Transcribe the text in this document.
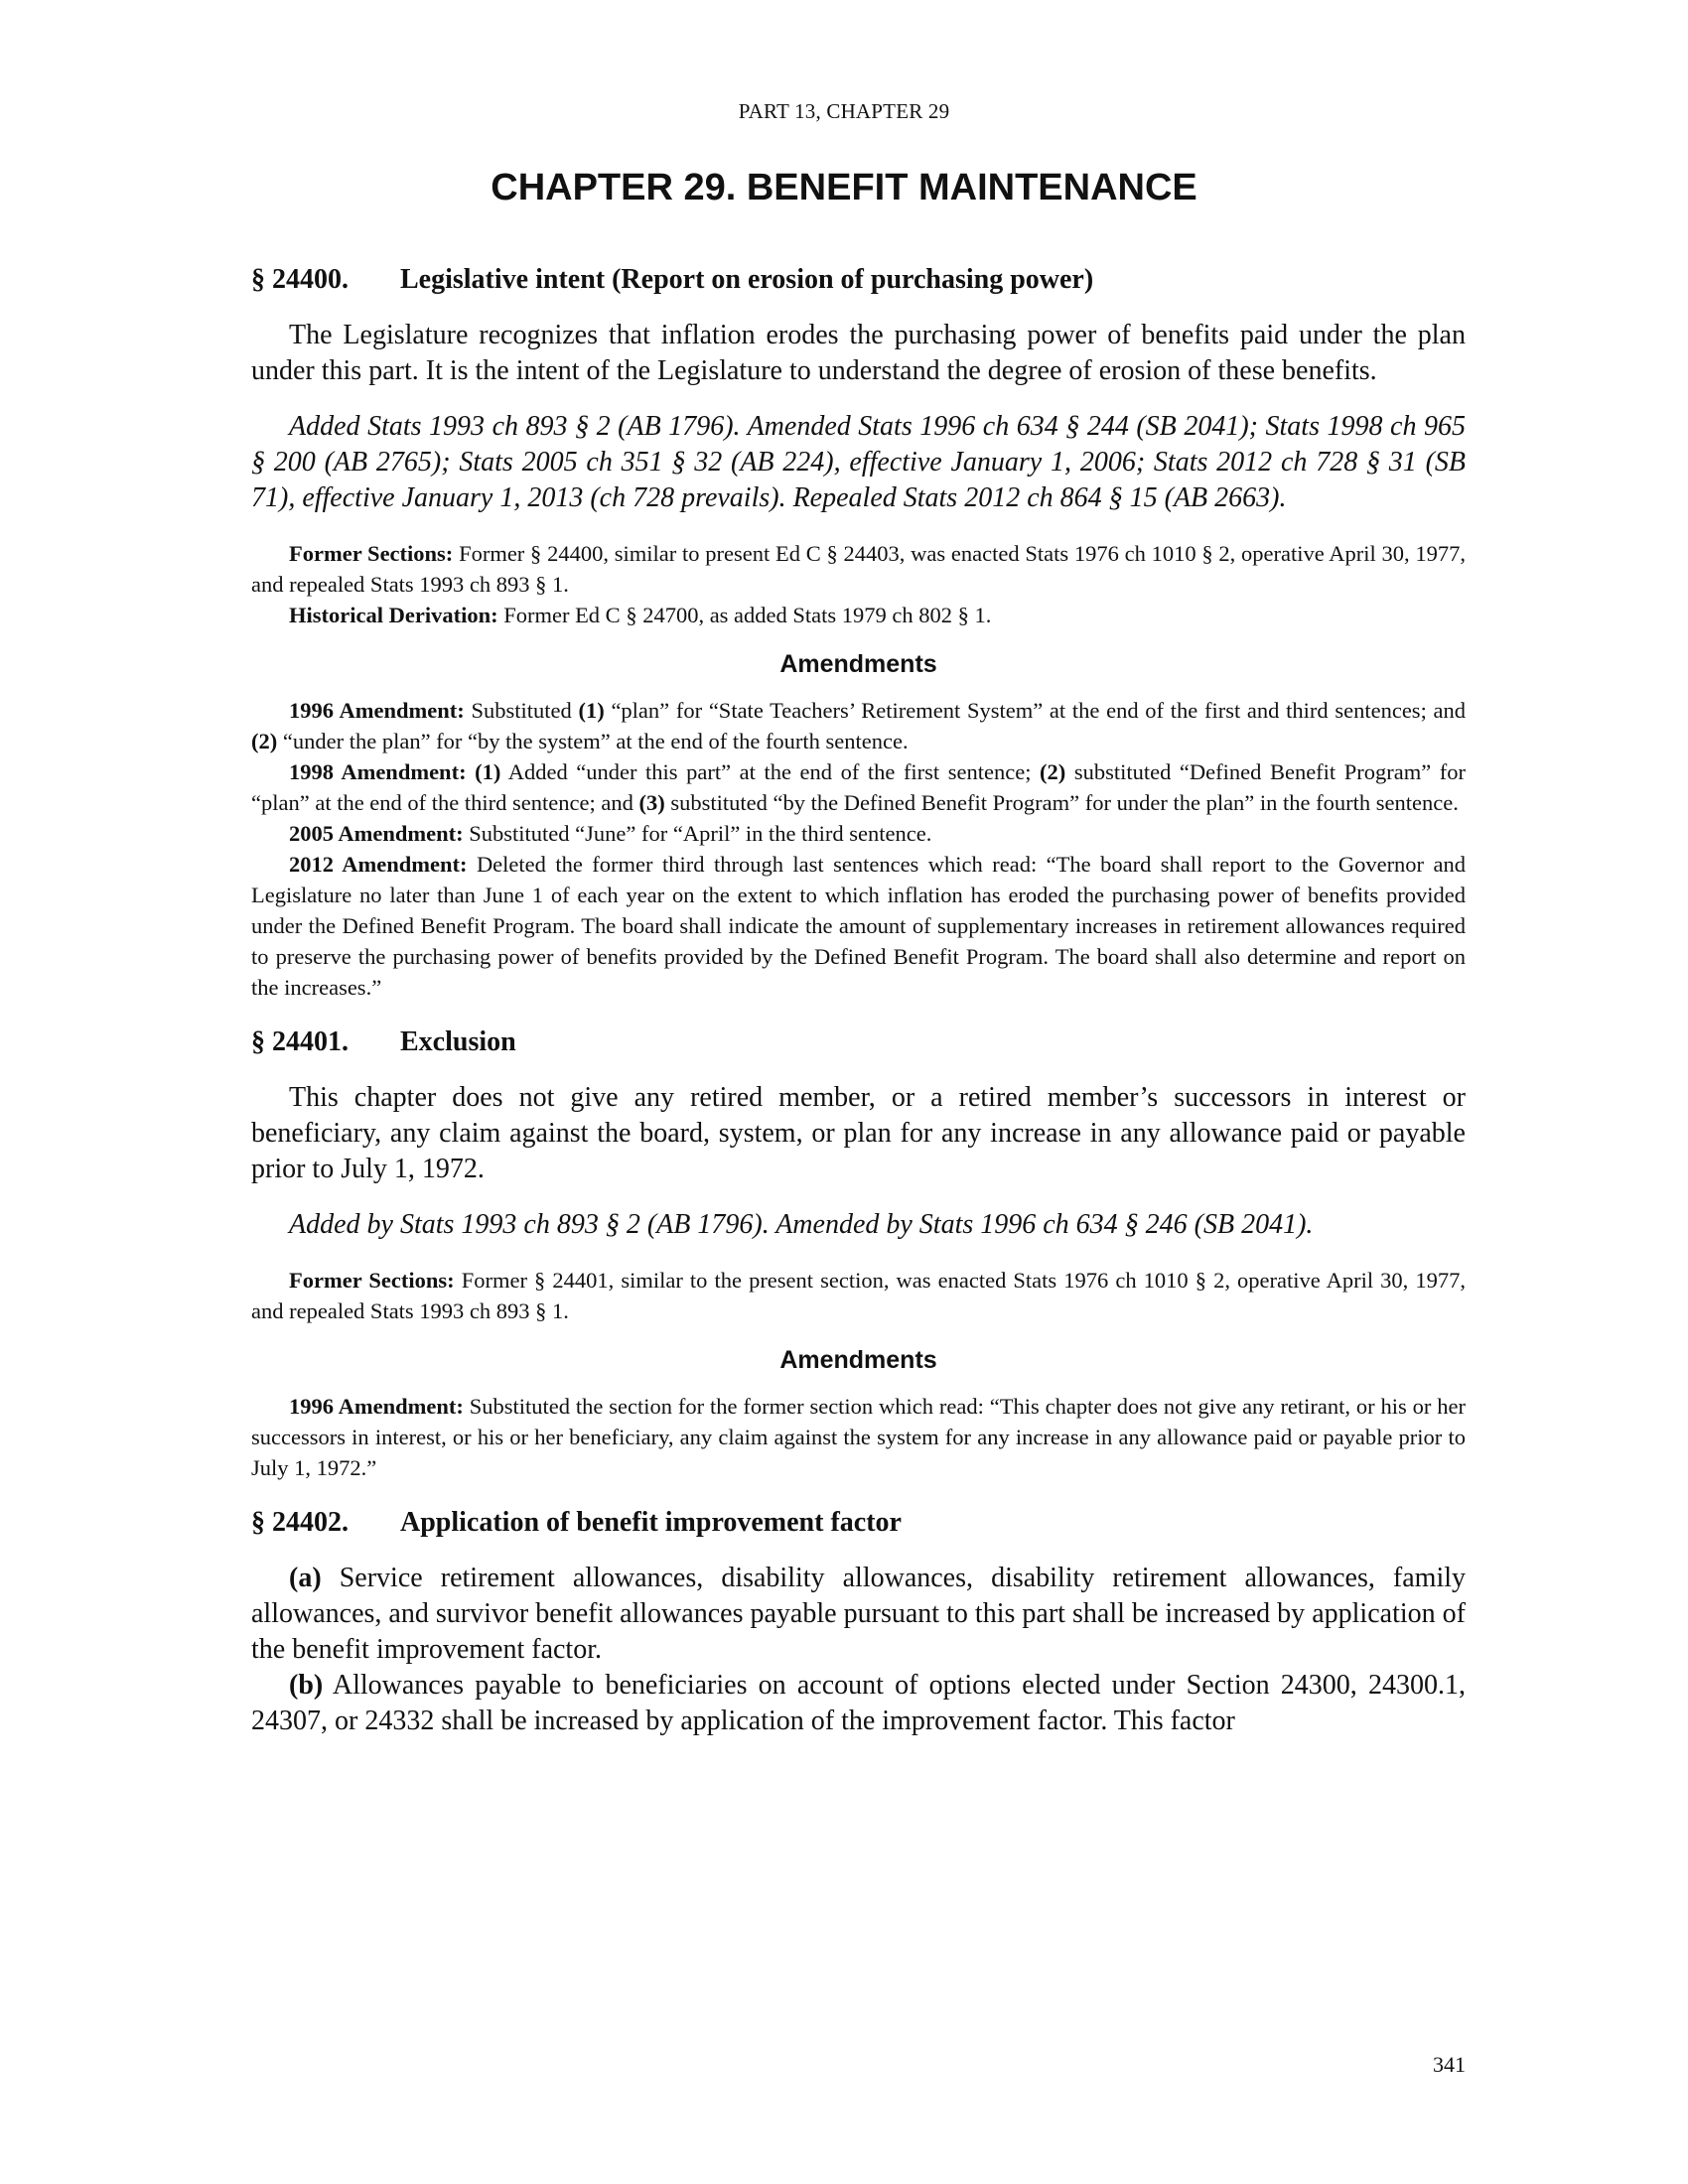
PART 13, CHAPTER 29
CHAPTER 29. BENEFIT MAINTENANCE
§ 24400.	Legislative intent (Report on erosion of purchasing power)

The Legislature recognizes that inflation erodes the purchasing power of benefits paid under the plan under this part. It is the intent of the Legislature to understand the degree of erosion of these benefits.

Added Stats 1993 ch 893 § 2 (AB 1796). Amended Stats 1996 ch 634 § 244 (SB 2041); Stats 1998 ch 965 § 200 (AB 2765); Stats 2005 ch 351 § 32 (AB 224), effective January 1, 2006; Stats 2012 ch 728 § 31 (SB 71), effective January 1, 2013 (ch 728 prevails). Repealed Stats 2012 ch 864 § 15 (AB 2663).

Former Sections: Former § 24400, similar to present Ed C § 24403, was enacted Stats 1976 ch 1010 § 2, operative April 30, 1977, and repealed Stats 1993 ch 893 § 1.

Historical Derivation: Former Ed C § 24700, as added Stats 1979 ch 802 § 1.

Amendments

1996 Amendment: Substituted (1) “plan” for “State Teachers’ Retirement System” at the end of the first and third sentences; and (2) “under the plan” for “by the system” at the end of the fourth sentence.

1998 Amendment: (1) Added “under this part” at the end of the first sentence; (2) substituted “Defined Benefit Program” for “plan” at the end of the third sentence; and (3) substituted “by the Defined Benefit Program” for under the plan” in the fourth sentence.

2005 Amendment: Substituted “June” for “April” in the third sentence.

2012 Amendment: Deleted the former third through last sentences which read: “The board shall report to the Governor and Legislature no later than June 1 of each year on the extent to which inflation has eroded the purchasing power of benefits provided under the Defined Benefit Program. The board shall indicate the amount of supplementary increases in retirement allowances required to preserve the purchasing power of benefits provided by the Defined Benefit Program. The board shall also determine and report on the increases.”

§ 24401.	Exclusion

This chapter does not give any retired member, or a retired member’s successors in interest or beneficiary, any claim against the board, system, or plan for any increase in any allowance paid or payable prior to July 1, 1972.

Added by Stats 1993 ch 893 § 2 (AB 1796). Amended by Stats 1996 ch 634 § 246 (SB 2041).

Former Sections: Former § 24401, similar to the present section, was enacted Stats 1976 ch 1010 § 2, operative April 30, 1977, and repealed Stats 1993 ch 893 § 1.

Amendments

1996 Amendment: Substituted the section for the former section which read: “This chapter does not give any retirant, or his or her successors in interest, or his or her beneficiary, any claim against the system for any increase in any allowance paid or payable prior to July 1, 1972.”

§ 24402.	Application of benefit improvement factor

(a) Service retirement allowances, disability allowances, disability retirement allowances, family allowances, and survivor benefit allowances payable pursuant to this part shall be increased by application of the benefit improvement factor.

(b) Allowances payable to beneficiaries on account of options elected under Section 24300, 24300.1, 24307, or 24332 shall be increased by application of the improvement factor. This factor

341
